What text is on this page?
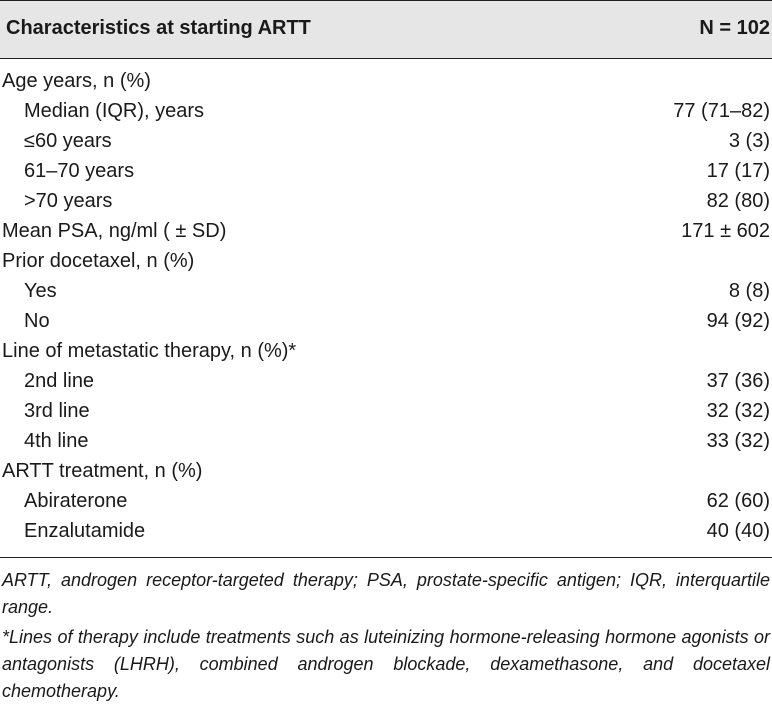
Characteristics at starting ARTT	N = 102
Age years, n (%)
Median (IQR), years	77 (71–82)
≤60 years	3 (3)
61–70 years	17 (17)
>70 years	82 (80)
Mean PSA, ng/ml ( ± SD)	171 ± 602
Prior docetaxel, n (%)
Yes	8 (8)
No	94 (92)
Line of metastatic therapy, n (%)*
2nd line	37 (36)
3rd line	32 (32)
4th line	33 (32)
ARTT treatment, n (%)
Abiraterone	62 (60)
Enzalutamide	40 (40)
ARTT, androgen receptor-targeted therapy; PSA, prostate-specific antigen; IQR, interquartile range.
*Lines of therapy include treatments such as luteinizing hormone-releasing hormone agonists or antagonists (LHRH), combined androgen blockade, dexamethasone, and docetaxel chemotherapy.
